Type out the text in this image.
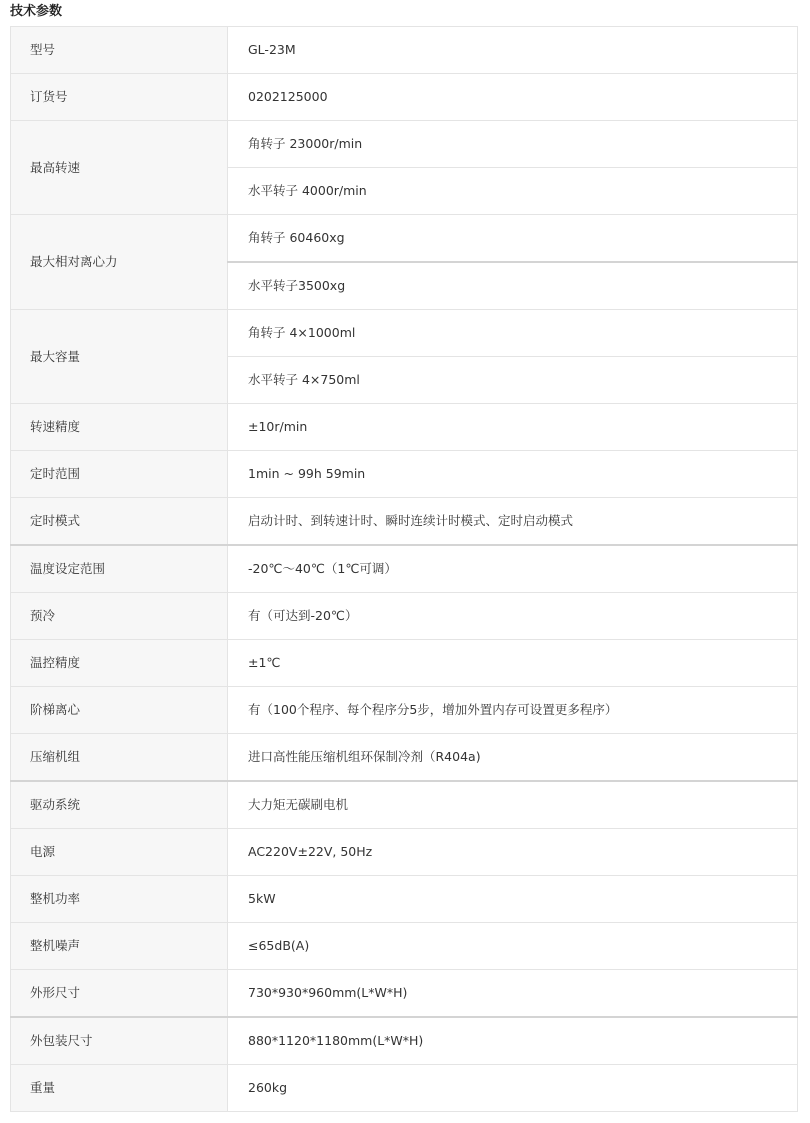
技术参数
型号	GL-23M
订货号	0202125000
最高转速	角转子 23000r/min
	水平转子 4000r/min
最大相对离心力	角转子 60460xg
	水平转子3500xg
最大容量	角转子 4×1000ml
	水平转子 4×750ml
转速精度	±10r/min
定时范围	1min ~ 99h 59min
定时模式	启动计时、到转速计时、瞬时连续计时模式、定时启动模式
温度设定范围	-20℃～40℃（1℃可调）
预冷	有（可达到-20℃）
温控精度	±1℃
阶梯离心	有（100个程序、每个程序分5步，增加外置内存可设置更多程序）
压缩机组	进口高性能压缩机组环保制冷剂（R404a)
驱动系统	大力矩无碳刷电机
电源	AC220V±22V, 50Hz
整机功率	5kW
整机噪声	≤65dB(A)
外形尺寸	730*930*960mm(L*W*H)
外包装尺寸	880*1120*1180mm(L*W*H)
重量	260kg
